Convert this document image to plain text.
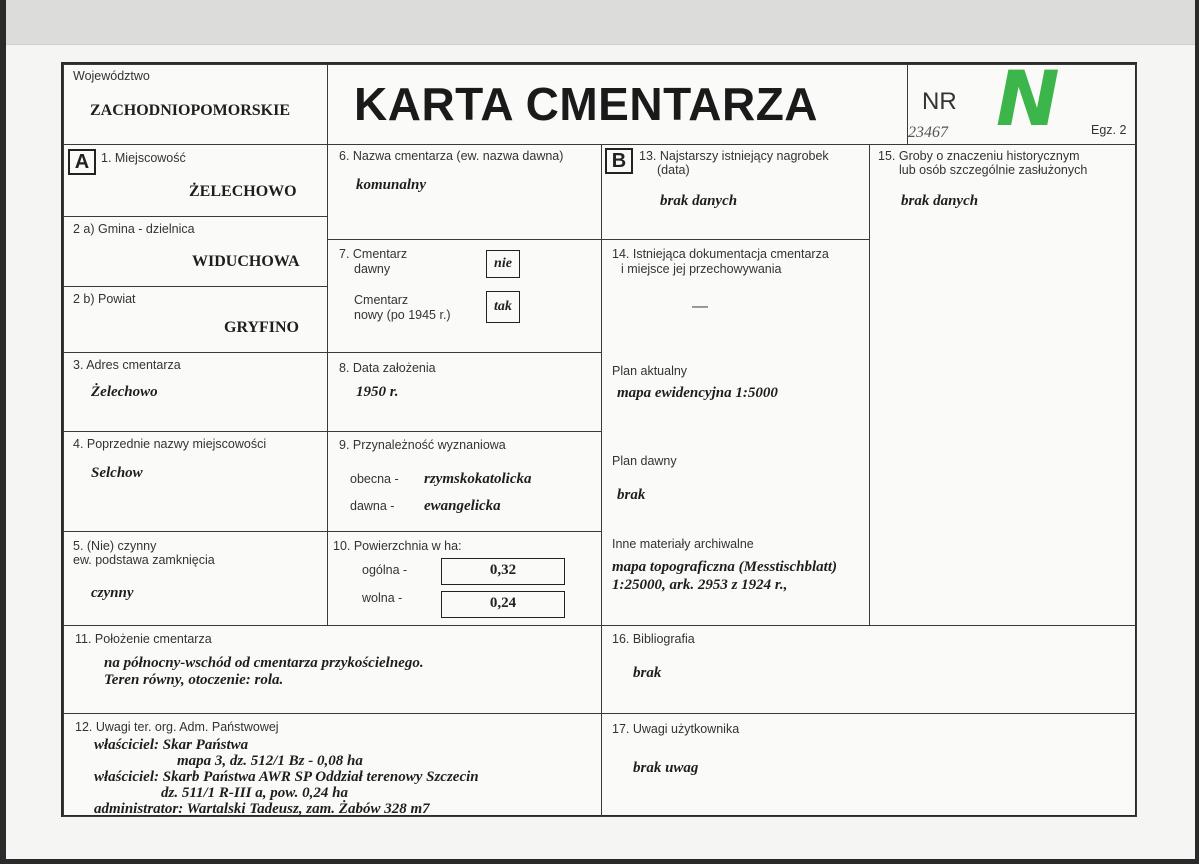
Województwo
ZACHODNIOPOMORSKIE KARTA CMENTARZA	NR
23467 N	Egz. 2
A 1. Miejscowość
ŻELECHOWO
2 a) Gmina - dzielnica
WIDUCHOWA
2 b) Powiat
GRYFINO
3. Adres cmentarza
Żelechowo
4. Poprzednie nazwy miejscowości
Selchow
5. (Nie) czynny
ew. podstawa zamknięcia
czynny
6. Nazwa cmentarza (ew. nazwa dawna)
komunalny
7. Cmentarz
dawny	nie
Cmentarz
nowy (po 1945 r.)
tak
8. Data założenia
1950 r.
9. Przynależność wyznaniowa
obecna - rzymskokatolicka
dawna - ewangelicka
10. Powierzchnia w ha:
ogólna -	0,32
wolna -	0,24
B	13. Najstarszy istniejący nagrobek
(data)
brak danych
14. Istniejąca dokumentacja cmentarza
i miejsce jej przechowywania
—
Plan aktualny
mapa ewidencyjna 1:5000
Plan dawny
brak
Inne materiały archiwalne
mapa topograficzna (Messtischblatt)
1:25000, ark. 2953 z 1924 r.,
15. Groby o znaczeniu historycznym
lub osób szczególnie zasłużonych
brak danych
11. Położenie cmentarza
na północny-wschód od cmentarza przykościelnego.
Teren równy, otoczenie: rola.
16. Bibliografia
brak
12. Uwagi ter. org. Adm. Państwowej
właściciel: Skar Państwa
mapa 3, dz. 512/1 Bz - 0,08 ha
właściciel: Skarb Państwa AWR SP Oddział terenowy Szczecin
dz. 511/1 R-III a, pow. 0,24 ha
administrator: Wartalski Tadeusz, zam. Żabów 328 m7
17. Uwagi użytkownika
brak uwag
